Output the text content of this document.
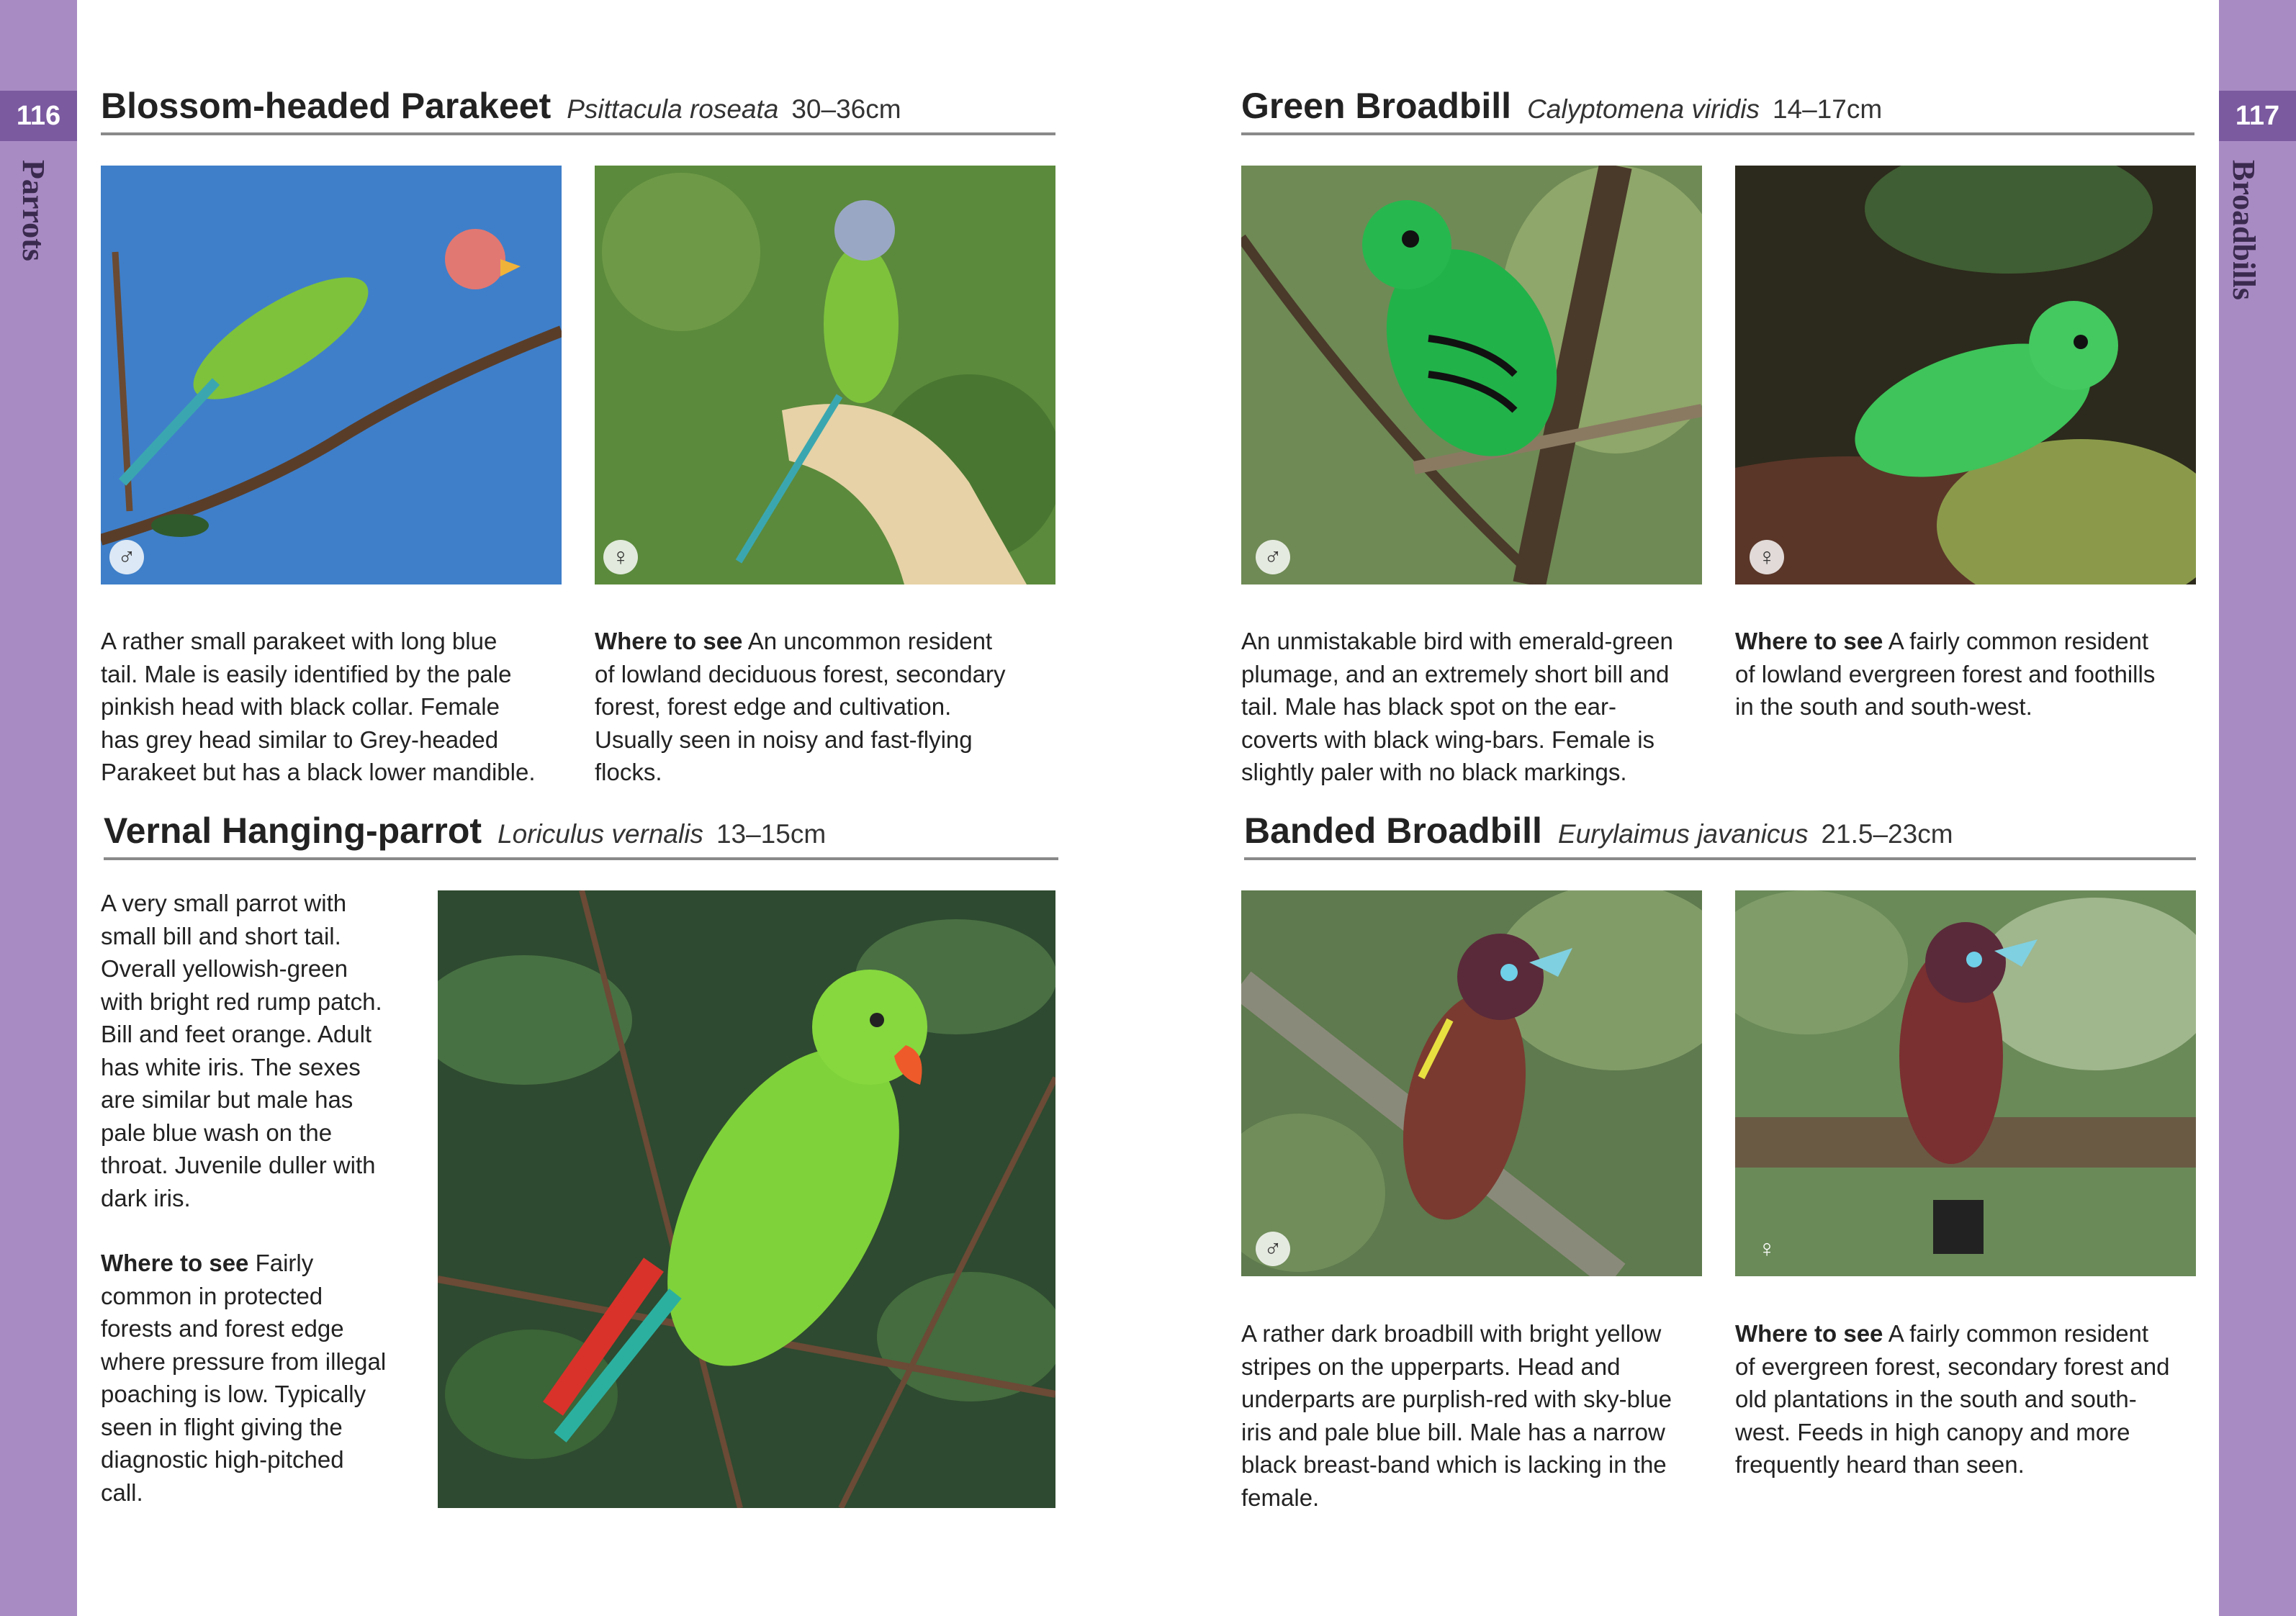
116	117
Parrots	Broadbills
Blossom-headed Parakeet Psittacula roseata 30–36cm
♂	♀
A rather small parakeet with long blue
tail. Male is easily identified by the pale
pinkish head with black collar. Female
has grey head similar to Grey-headed
Parakeet but has a black lower mandible.
Where to see An uncommon resident
of lowland deciduous forest, secondary
forest, forest edge and cultivation.
Usually seen in noisy and fast-flying
flocks.
Vernal Hanging-parrot Loriculus vernalis 13–15cm
A very small parrot with
small bill and short tail.
Overall yellowish-green
with bright red rump patch.
Bill and feet orange. Adult
has white iris. The sexes
are similar but male has
pale blue wash on the
throat. Juvenile duller with
dark iris.
Where to see Fairly
common in protected
forests and forest edge
where pressure from illegal
poaching is low. Typically
seen in flight giving the
diagnostic high-pitched
call.
Green Broadbill Calyptomena viridis 14–17cm
♂	♀
An unmistakable bird with emerald-green
plumage, and an extremely short bill and
tail. Male has black spot on the ear-
coverts with black wing-bars. Female is
slightly paler with no black markings.
Where to see A fairly common resident
of lowland evergreen forest and foothills
in the south and south-west.
Banded Broadbill Eurylaimus javanicus 21.5–23cm
♂	♀
A rather dark broadbill with bright yellow
stripes on the upperparts. Head and
underparts are purplish-red with sky-blue
iris and pale blue bill. Male has a narrow
black breast-band which is lacking in the
female.
Where to see A fairly common resident
of evergreen forest, secondary forest and
old plantations in the south and south-
west. Feeds in high canopy and more
frequently heard than seen.
